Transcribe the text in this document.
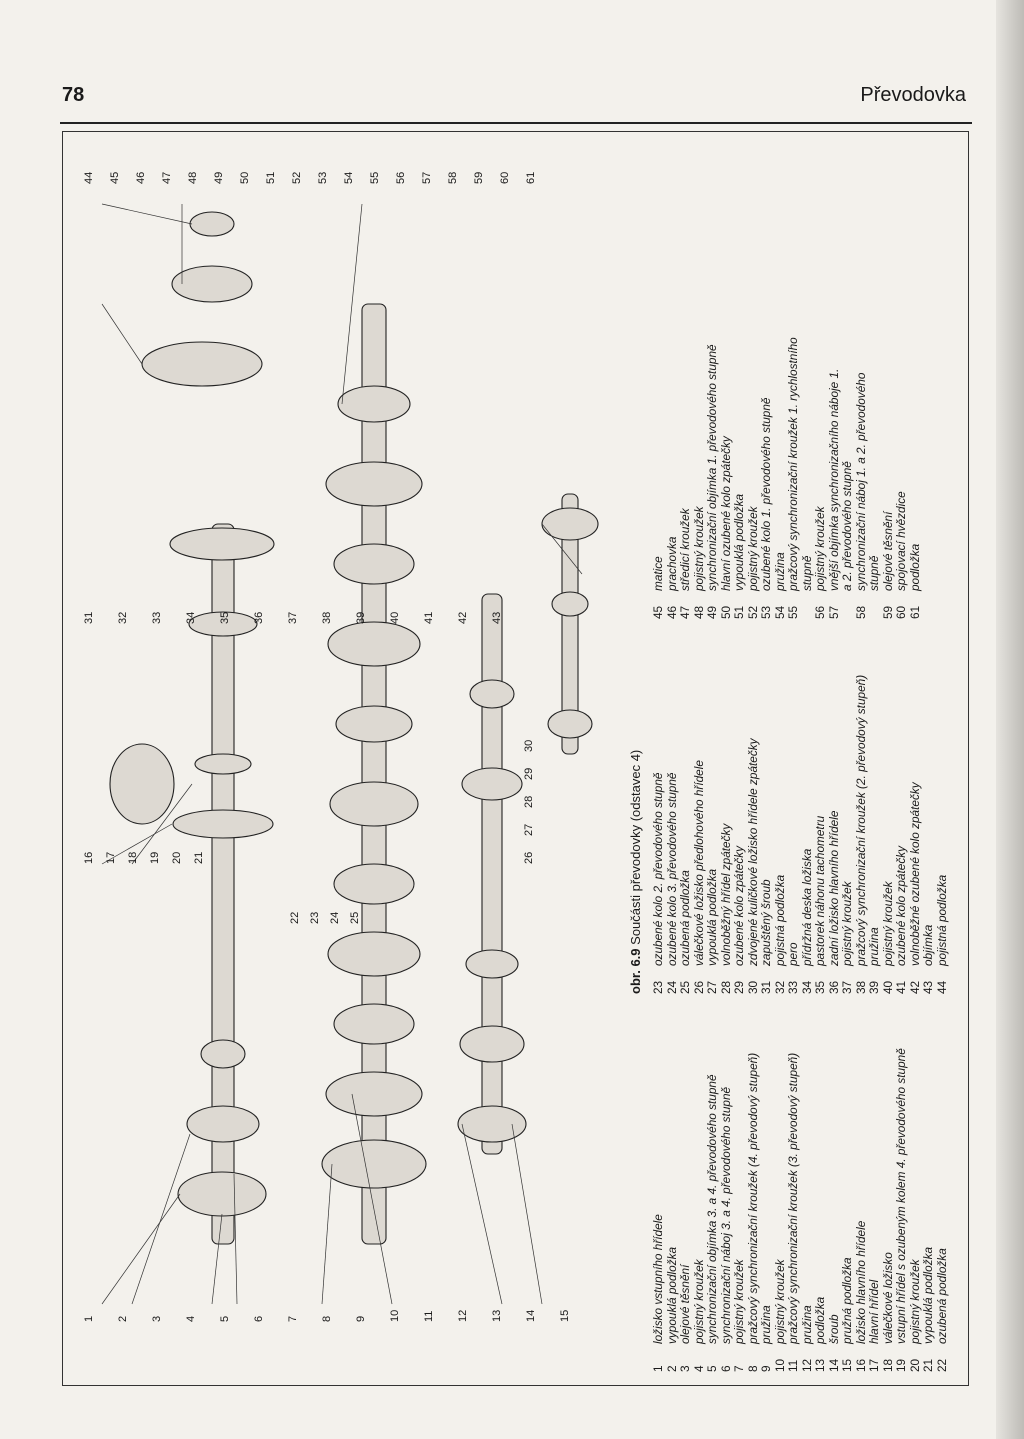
78	Převodovka
1 2 3 4 5 6 7 8 9 10 11 12 13 14 15
16 17 18 19 20 21
22 23 24 25
26
27
28
29
30
31 32 33 34 35 36 37 38 39 40 41 42 43
44 45 46 47 48 49 50 51 52 53 54 55 56 57 58 59 60 61
obr. 6.9 Součásti převodovky (odstavec 4)
1
ložisko vstupního hřídele
2
vypouklá podložka
3
olejové těsnění
4
pojistný kroužek
5
synchronizační objímka 3. a 4. převodového stupně
6
synchronizační náboj 3. a 4. převodového stupně
7
pojistný kroužek
8
pražcový synchronizační kroužek (4. převodový stupeň)
9
pružina
10
pojistný kroužek
11
pražcový synchronizační kroužek (3. převodový stupeň)
12
pružina
13
podložka
14
šroub
15
pružná podložka
16
ložisko hlavního hřídele
17
hlavní hřídel
18
válečkové ložisko
19
vstupní hřídel s ozubeným kolem 4. převodového stupně
20
pojistný kroužek
21
vypouklá podložka
22
ozubená podložka
23
ozubené kolo 2. převodového stupně
24
ozubené kolo 3. převodového stupně
25
ozubená podložka
26
válečkové ložisko předlohového hřídele
27
vypouklá podložka
28
volnoběžný hřídel zpátečky
29
ozubené kolo zpátečky
30
zdvojené kuličkové ložisko hřídele zpátečky
31
zapuštěný šroub
32
pojistná podložka
33
pero
34
přídržná deska ložiska
35
pastorek náhonu tachometru
36
zadní ložisko hlavního hřídele
37
pojistný kroužek
38
pražcový synchronizační kroužek (2. převodový stupeň)
39
pružina
40
pojistný kroužek
41
ozubené kolo zpátečky
42
volnoběžné ozubené kolo zpátečky
43
objímka
44
pojistná podložka
45
matice
46
prachovka
47
středicí kroužek
48
pojistný kroužek
49
synchronizační objímka 1. převodového stupně
50
hlavní ozubené kolo zpátečky
51
vypouklá podložka
52
pojistný kroužek
53
ozubené kolo 1. převodového stupně
54
pružina
55
pražcový synchronizační kroužek 1. rychlostního stupně
56
pojistný kroužek
57
vnější objímka synchronizačního náboje 1. a 2. převodového stupně
58
synchronizační náboj 1. a 2. převodového stupně
59
olejové těsnění
60
spojovací hvězdice
61
podložka
